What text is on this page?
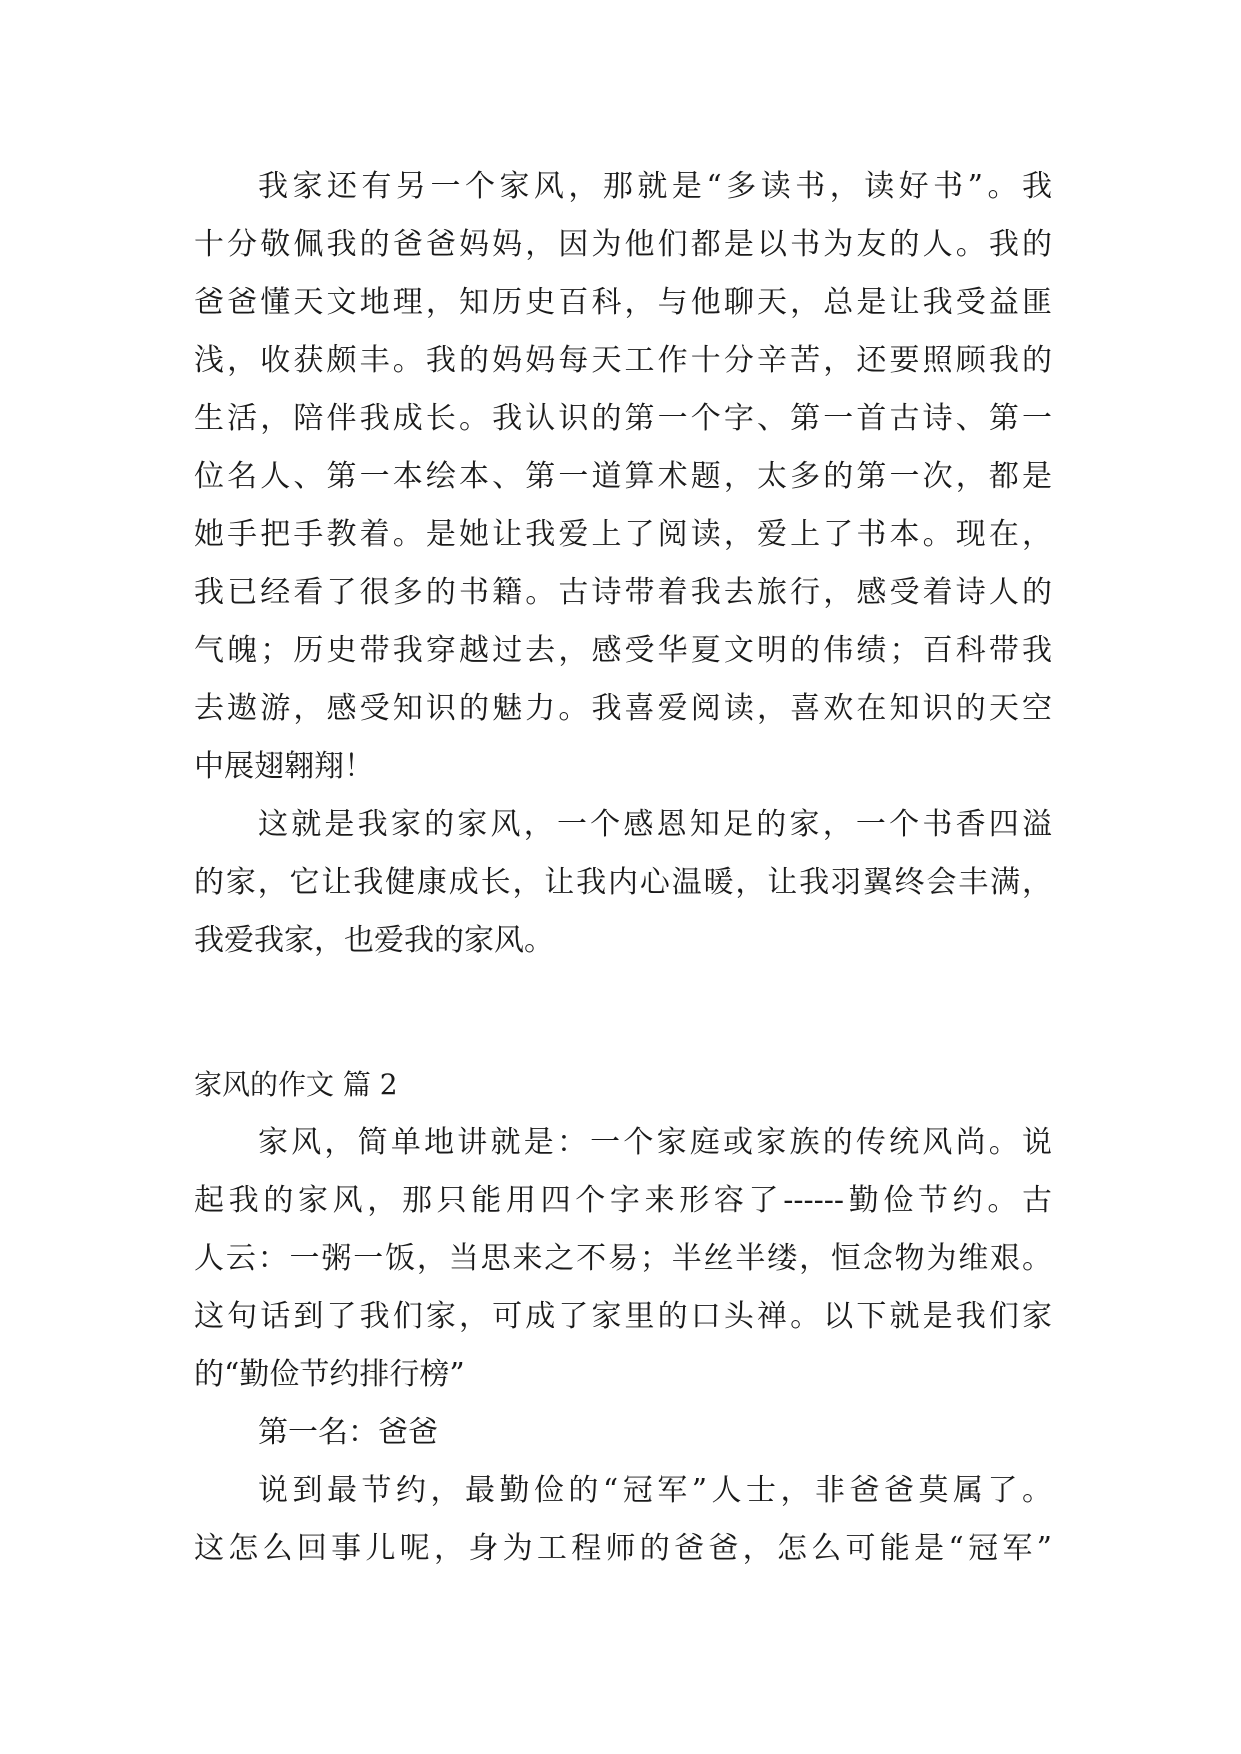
我家还有另一个家风，那就是“多读书，读好书”。我
十分敬佩我的爸爸妈妈，因为他们都是以书为友的人。我的
爸爸懂天文地理，知历史百科，与他聊天，总是让我受益匪
浅，收获颇丰。我的妈妈每天工作十分辛苦，还要照顾我的
生活，陪伴我成长。我认识的第一个字、第一首古诗、第一
位名人、第一本绘本、第一道算术题，太多的第一次，都是
她手把手教着。是她让我爱上了阅读，爱上了书本。现在，
我已经看了很多的书籍。古诗带着我去旅行，感受着诗人的
气魄；历史带我穿越过去，感受华夏文明的伟绩；百科带我
去遨游，感受知识的魅力。我喜爱阅读，喜欢在知识的天空
中展翅翱翔！
这就是我家的家风，一个感恩知足的家，一个书香四溢
的家，它让我健康成长，让我内心温暖，让我羽翼终会丰满，
我爱我家，也爱我的家风。
家风的作文 篇 2
家风，简单地讲就是：一个家庭或家族的传统风尚。说
起我的家风，那只能用四个字来形容了------勤俭节约。古
人云：一粥一饭，当思来之不易；半丝半缕，恒念物为维艰。
这句话到了我们家，可成了家里的口头禅。以下就是我们家
的“勤俭节约排行榜”
第一名：爸爸
说到最节约，最勤俭的“冠军”人士，非爸爸莫属了。
这怎么回事儿呢，身为工程师的爸爸，怎么可能是“冠军”
